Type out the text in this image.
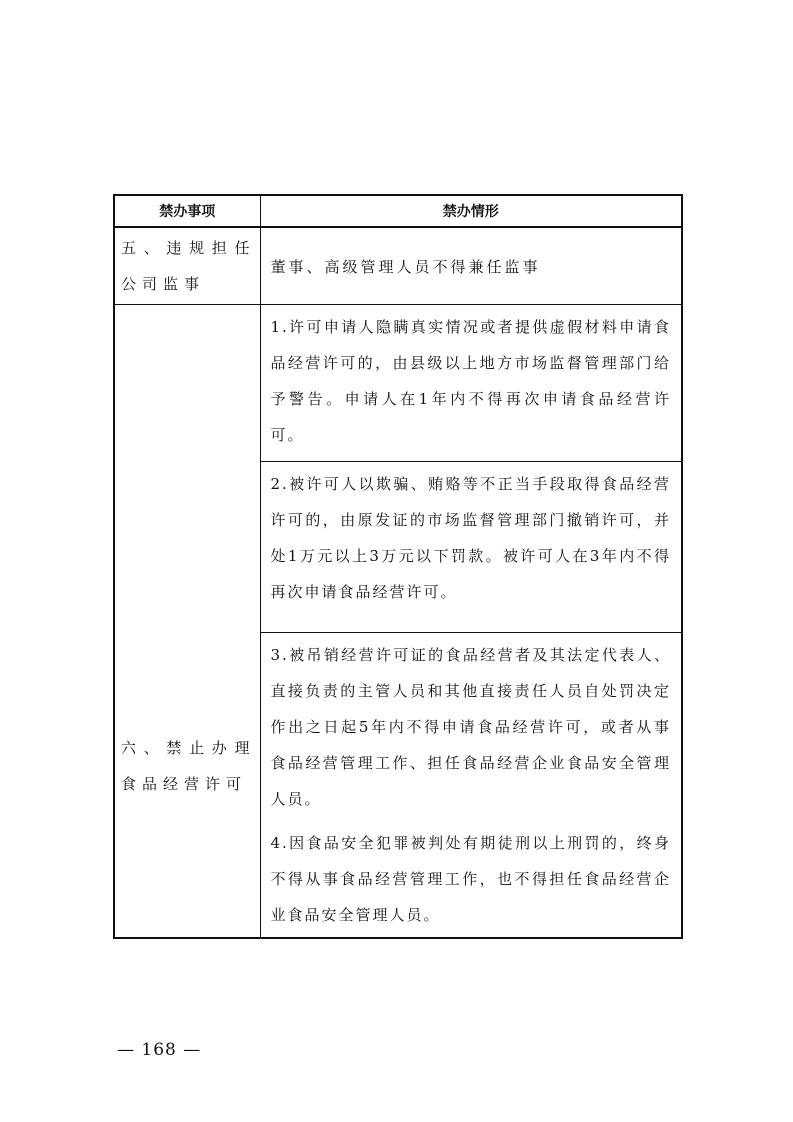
禁办事项	禁办情形

五、违规担任公司监事	董事、高级管理人员不得兼任监事

六、禁止办理食品经营许可	1.许可申请人隐瞒真实情况或者提供虚假材料申请食品经营许可的，由县级以上地方市场监督管理部门给予警告。申请人在1年内不得再次申请食品经营许可。

	2.被许可人以欺骗、贿赂等不正当手段取得食品经营许可的，由原发证的市场监督管理部门撤销许可，并处1万元以上3万元以下罚款。被许可人在3年内不得再次申请食品经营许可。

	3.被吊销经营许可证的食品经营者及其法定代表人、直接负责的主管人员和其他直接责任人员自处罚决定作出之日起5年内不得申请食品经营许可，或者从事食品经营管理工作、担任食品经营企业食品安全管理人员。
4.因食品安全犯罪被判处有期徒刑以上刑罚的，终身不得从事食品经营管理工作，也不得担任食品经营企业食品安全管理人员。
— 168 —
